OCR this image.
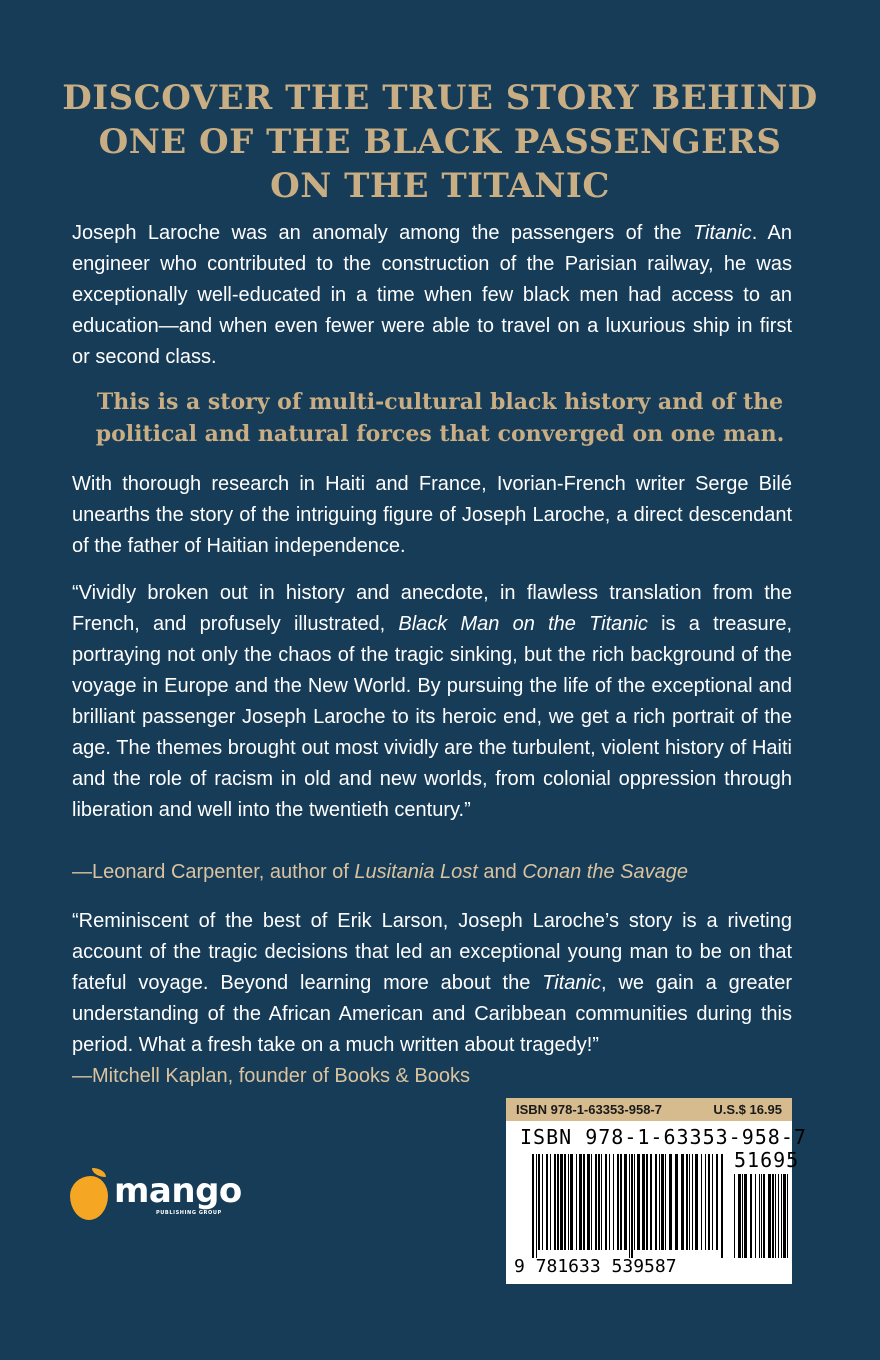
DISCOVER THE TRUE STORY BEHIND
ONE OF THE BLACK PASSENGERS
ON THE TITANIC
Joseph Laroche was an anomaly among the passengers of the Titanic. An engineer who contributed to the construction of the Parisian railway, he was exceptionally well-educated in a time when few black men had access to an education—and when even fewer were able to travel on a luxurious ship in first or second class.
This is a story of multi-cultural black history and of the
political and natural forces that converged on one man.
With thorough research in Haiti and France, Ivorian-French writer Serge Bilé unearths the story of the intriguing figure of Joseph Laroche, a direct descendant of the father of Haitian independence.
“Vividly broken out in history and anecdote, in flawless translation from the French, and profusely illustrated, Black Man on the Titanic is a treasure, portraying not only the chaos of the tragic sinking, but the rich background of the voyage in Europe and the New World. By pursuing the life of the exceptional and brilliant passenger Joseph Laroche to its heroic end, we get a rich portrait of the age. The themes brought out most vividly are the turbulent, violent history of Haiti and the role of racism in old and new worlds, from colonial oppression through liberation and well into the twentieth century.”
—Leonard Carpenter, author of Lusitania Lost and Conan the Savage
“Reminiscent of the best of Erik Larson, Joseph Laroche’s story is a riveting account of the tragic decisions that led an exceptional young man to be on that fateful voyage. Beyond learning more about the Titanic, we gain a greater understanding of the African American and Caribbean communities during this period. What a fresh take on a much written about tragedy!”
—Mitchell Kaplan, founder of Books & Books
mango
PUBLISHING GROUP
ISBN 978-1-63353-958-7	U.S.$ 16.95
ISBN 978-1-63353-958-7
51695
9 781633 539587
